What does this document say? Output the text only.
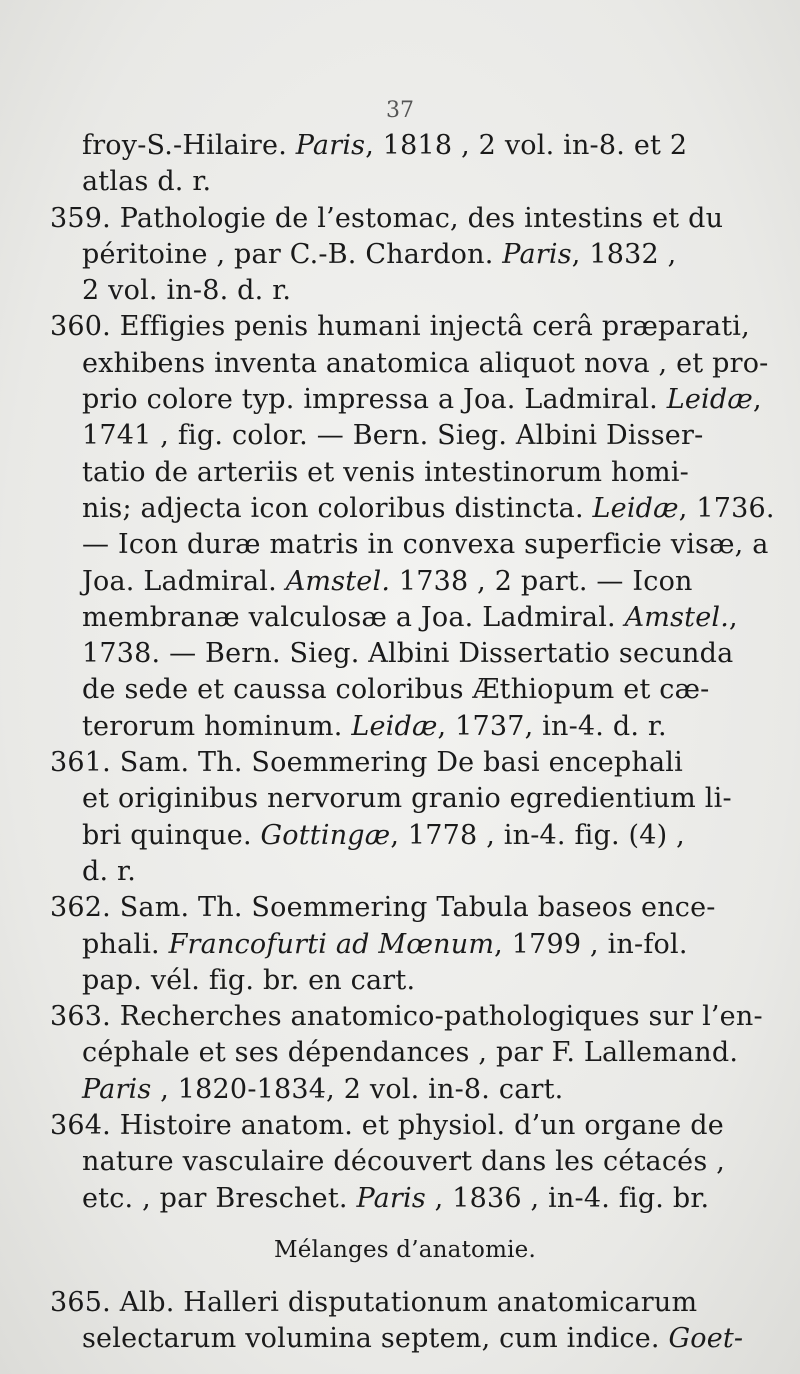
37
froy-S.-Hilaire. Paris, 1818 , 2 vol. in-8. et 2
atlas d. r.
359. Pathologie de l’estomac, des intestins et du
péritoine , par C.-B. Chardon. Paris, 1832 ,
2 vol. in-8. d. r.
360. Effigies penis humani injectâ cerâ præparati,
exhibens inventa anatomica aliquot nova , et pro-
prio colore typ. impressa a Joa. Ladmiral. Leidæ,
1741 , fig. color. — Bern. Sieg. Albini Disser-
tatio de arteriis et venis intestinorum homi-
nis; adjecta icon coloribus distincta. Leidæ, 1736.
— Icon duræ matris in convexa superficie visæ, a
Joa. Ladmiral. Amstel. 1738 , 2 part. — Icon
membranæ valculosæ a Joa. Ladmiral. Amstel.,
1738. — Bern. Sieg. Albini Dissertatio secunda
de sede et caussa coloribus Æthiopum et cæ-
terorum hominum. Leidæ, 1737, in-4. d. r.
361. Sam. Th. Soemmering De basi encephali
et originibus nervorum granio egredientium li-
bri quinque. Gottingæ, 1778 , in-4. fig. (4) ,
d. r.
362. Sam. Th. Soemmering Tabula baseos ence-
phali. Francofurti ad Mœnum, 1799 , in-fol.
pap. vél. fig. br. en cart.
363. Recherches anatomico-pathologiques sur l’en-
céphale et ses dépendances , par F. Lallemand.
Paris , 1820-1834, 2 vol. in-8. cart.
364. Histoire anatom. et physiol. d’un organe de
nature vasculaire découvert dans les cétacés ,
etc. , par Breschet. Paris , 1836 , in-4. fig. br.
Mélanges d’anatomie.
365. Alb. Halleri disputationum anatomicarum
selectarum volumina septem, cum indice. Goet-
